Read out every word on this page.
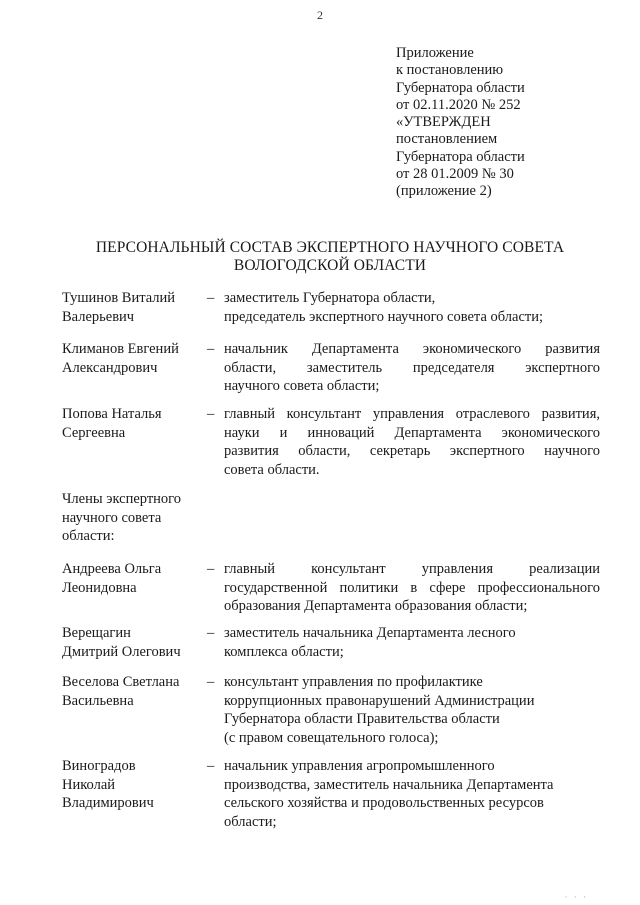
2
Приложение
к постановлению
Губернатора области
от 02.11.2020 № 252
«УТВЕРЖДЕН
постановлением
Губернатора области
от 28 01.2009 № 30
(приложение 2)
ПЕРСОНАЛЬНЫЙ СОСТАВ ЭКСПЕРТНОГО НАУЧНОГО СОВЕТА
ВОЛОГОДСКОЙ ОБЛАСТИ
Тушинов Виталий
Валерьевич
– заместитель Губернатора области,
председатель экспертного научного совета области;
Климанов Евгений
Александрович
– начальник Департамента экономического развития
области, заместитель председателя экспертного
научного совета области;
Попова Наталья
Сергеевна
– главный консультант управления отраслевого развития,
науки и инноваций Департамента экономического
развития области, секретарь экспертного научного
совета области.
Члены экспертного
научного совета
области:
Андреева Ольга
Леонидовна
– главный консультант управления реализации
государственной политики в сфере профессионального
образования Департамента образования области;
Верещагин
Дмитрий Олегович
– заместитель начальника Департамента лесного
комплекса области;
Веселова Светлана
Васильевна
– консультант управления по профилактике
коррупционных правонарушений Администрации
Губернатора области Правительства области
(с правом совещательного голоса);
Виноградов
Николай
Владимирович
– начальник управления агропромышленного
производства, заместитель начальника Департамента
сельского хозяйства и продовольственных ресурсов
области;
· · ·
